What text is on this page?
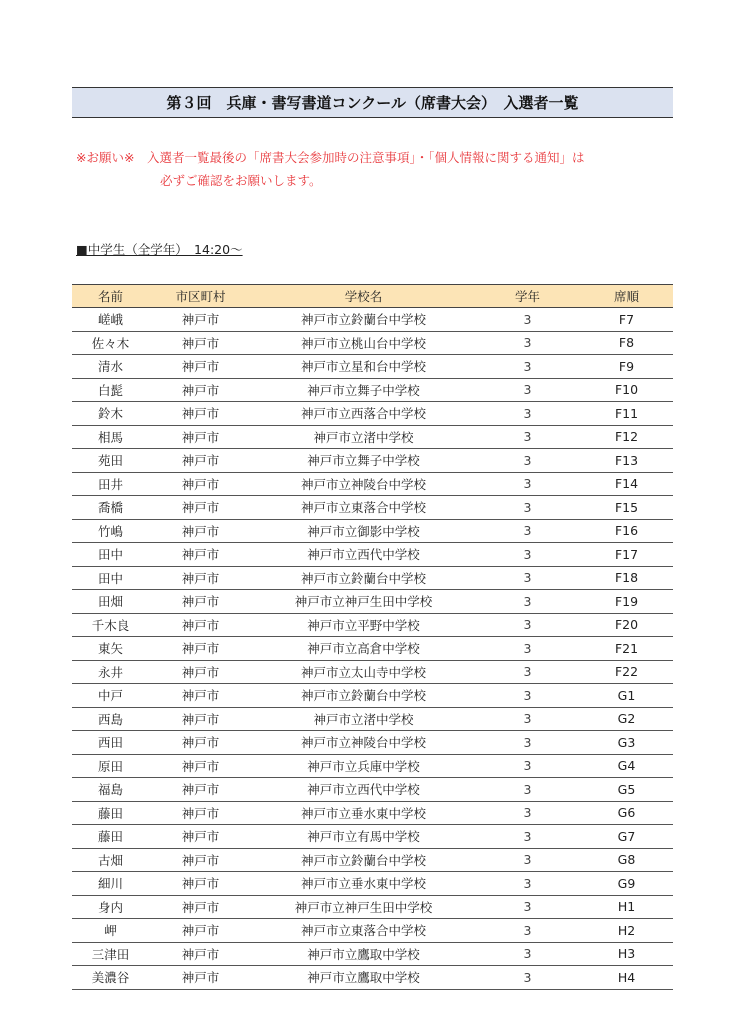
第３回　兵庫・書写書道コンクール（席書大会）　入選者一覧
※お願い※　入選者一覧最後の「席書大会参加時の注意事項」・「個人情報に関する通知」は
必ずご確認をお願いします。
■中学生（全学年）　14:20～
名前	市区町村	学校名	学年	席順
嵯峨	神戸市	神戸市立鈴蘭台中学校	3	F7
佐々木	神戸市	神戸市立桃山台中学校	3	F8
清水	神戸市	神戸市立星和台中学校	3	F9
白髭	神戸市	神戸市立舞子中学校	3	F10
鈴木	神戸市	神戸市立西落合中学校	3	F11
相馬	神戸市	神戸市立渚中学校	3	F12
苑田	神戸市	神戸市立舞子中学校	3	F13
田井	神戸市	神戸市立神陵台中学校	3	F14
喬橋	神戸市	神戸市立東落合中学校	3	F15
竹嶋	神戸市	神戸市立御影中学校	3	F16
田中	神戸市	神戸市立西代中学校	3	F17
田中	神戸市	神戸市立鈴蘭台中学校	3	F18
田畑	神戸市	神戸市立神戸生田中学校	3	F19
千木良	神戸市	神戸市立平野中学校	3	F20
東矢	神戸市	神戸市立高倉中学校	3	F21
永井	神戸市	神戸市立太山寺中学校	3	F22
中戸	神戸市	神戸市立鈴蘭台中学校	3	G1
西島	神戸市	神戸市立渚中学校	3	G2
西田	神戸市	神戸市立神陵台中学校	3	G3
原田	神戸市	神戸市立兵庫中学校	3	G4
福島	神戸市	神戸市立西代中学校	3	G5
藤田	神戸市	神戸市立垂水東中学校	3	G6
藤田	神戸市	神戸市立有馬中学校	3	G7
古畑	神戸市	神戸市立鈴蘭台中学校	3	G8
細川	神戸市	神戸市立垂水東中学校	3	G9
身内	神戸市	神戸市立神戸生田中学校	3	H1
岬	神戸市	神戸市立東落合中学校	3	H2
三津田	神戸市	神戸市立鷹取中学校	3	H3
美濃谷	神戸市	神戸市立鷹取中学校	3	H4
